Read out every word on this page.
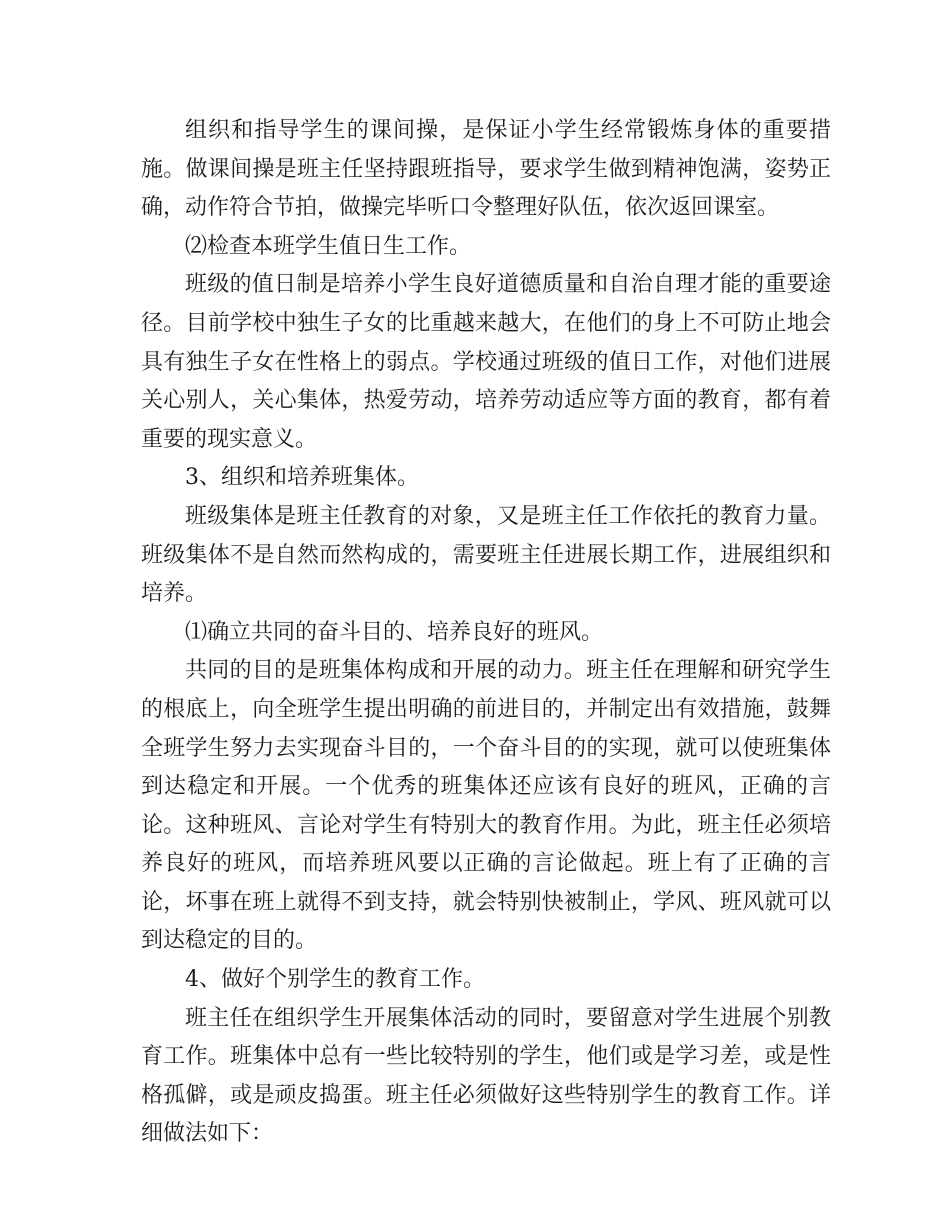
组织和指导学生的课间操，是保证小学生经常锻炼身体的重要措施。做课间操是班主任坚持跟班指导，要求学生做到精神饱满，姿势正确，动作符合节拍，做操完毕听口令整理好队伍，依次返回课室。

⑵检查本班学生值日生工作。

班级的值日制是培养小学生良好道德质量和自治自理才能的重要途径。目前学校中独生子女的比重越来越大，在他们的身上不可防止地会具有独生子女在性格上的弱点。学校通过班级的值日工作，对他们进展关心别人，关心集体，热爱劳动，培养劳动适应等方面的教育，都有着重要的现实意义。

3、组织和培养班集体。

班级集体是班主任教育的对象，又是班主任工作依托的教育力量。班级集体不是自然而然构成的，需要班主任进展长期工作，进展组织和培养。

⑴确立共同的奋斗目的、培养良好的班风。

共同的目的是班集体构成和开展的动力。班主任在理解和研究学生的根底上，向全班学生提出明确的前进目的，并制定出有效措施，鼓舞全班学生努力去实现奋斗目的，一个奋斗目的的实现，就可以使班集体到达稳定和开展。一个优秀的班集体还应该有良好的班风，正确的言论。这种班风、言论对学生有特别大的教育作用。为此，班主任必须培养良好的班风，而培养班风要以正确的言论做起。班上有了正确的言论，坏事在班上就得不到支持，就会特别快被制止，学风、班风就可以到达稳定的目的。

4、做好个别学生的教育工作。

班主任在组织学生开展集体活动的同时，要留意对学生进展个别教育工作。班集体中总有一些比较特别的学生，他们或是学习差，或是性格孤僻，或是顽皮捣蛋。班主任必须做好这些特别学生的教育工作。详细做法如下：
